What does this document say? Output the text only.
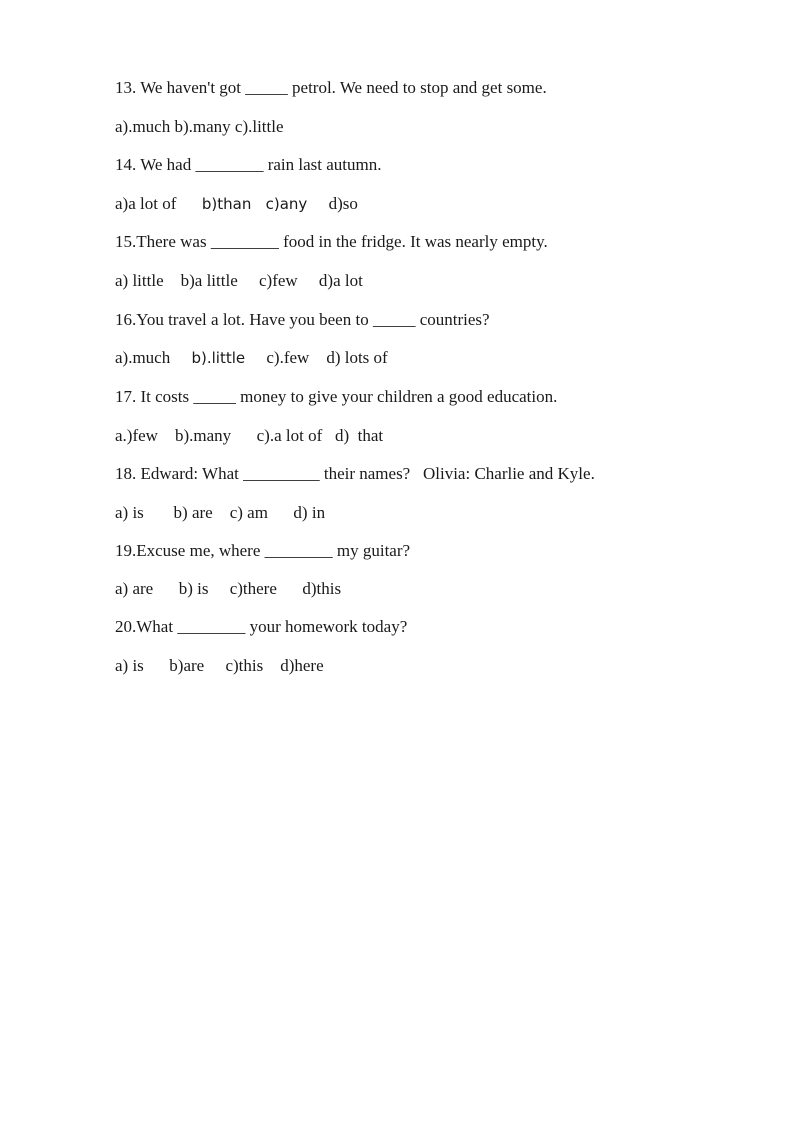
13. We haven't got _____ petrol. We need to stop and get some.
a).much b).many c).little
14. We had ________ rain last autumn.
a)a lot of      b)than   c)any     d)so
15.There was ________ food in the fridge. It was nearly empty.
a) little    b)a little     c)few     d)a lot
16.You travel a lot. Have you been to _____ countries?
a).much     b).little     c).few    d) lots of
17. It costs _____ money to give your children a good education.
a.)few    b).many      c).a lot of   d)  that
18. Edward: What _________ their names?   Olivia: Charlie and Kyle.
a) is       b) are    c) am      d) in
19.Excuse me, where ________ my guitar?
a) are      b) is     c)there      d)this
20.What ________ your homework today?
a) is      b)are     c)this    d)here
